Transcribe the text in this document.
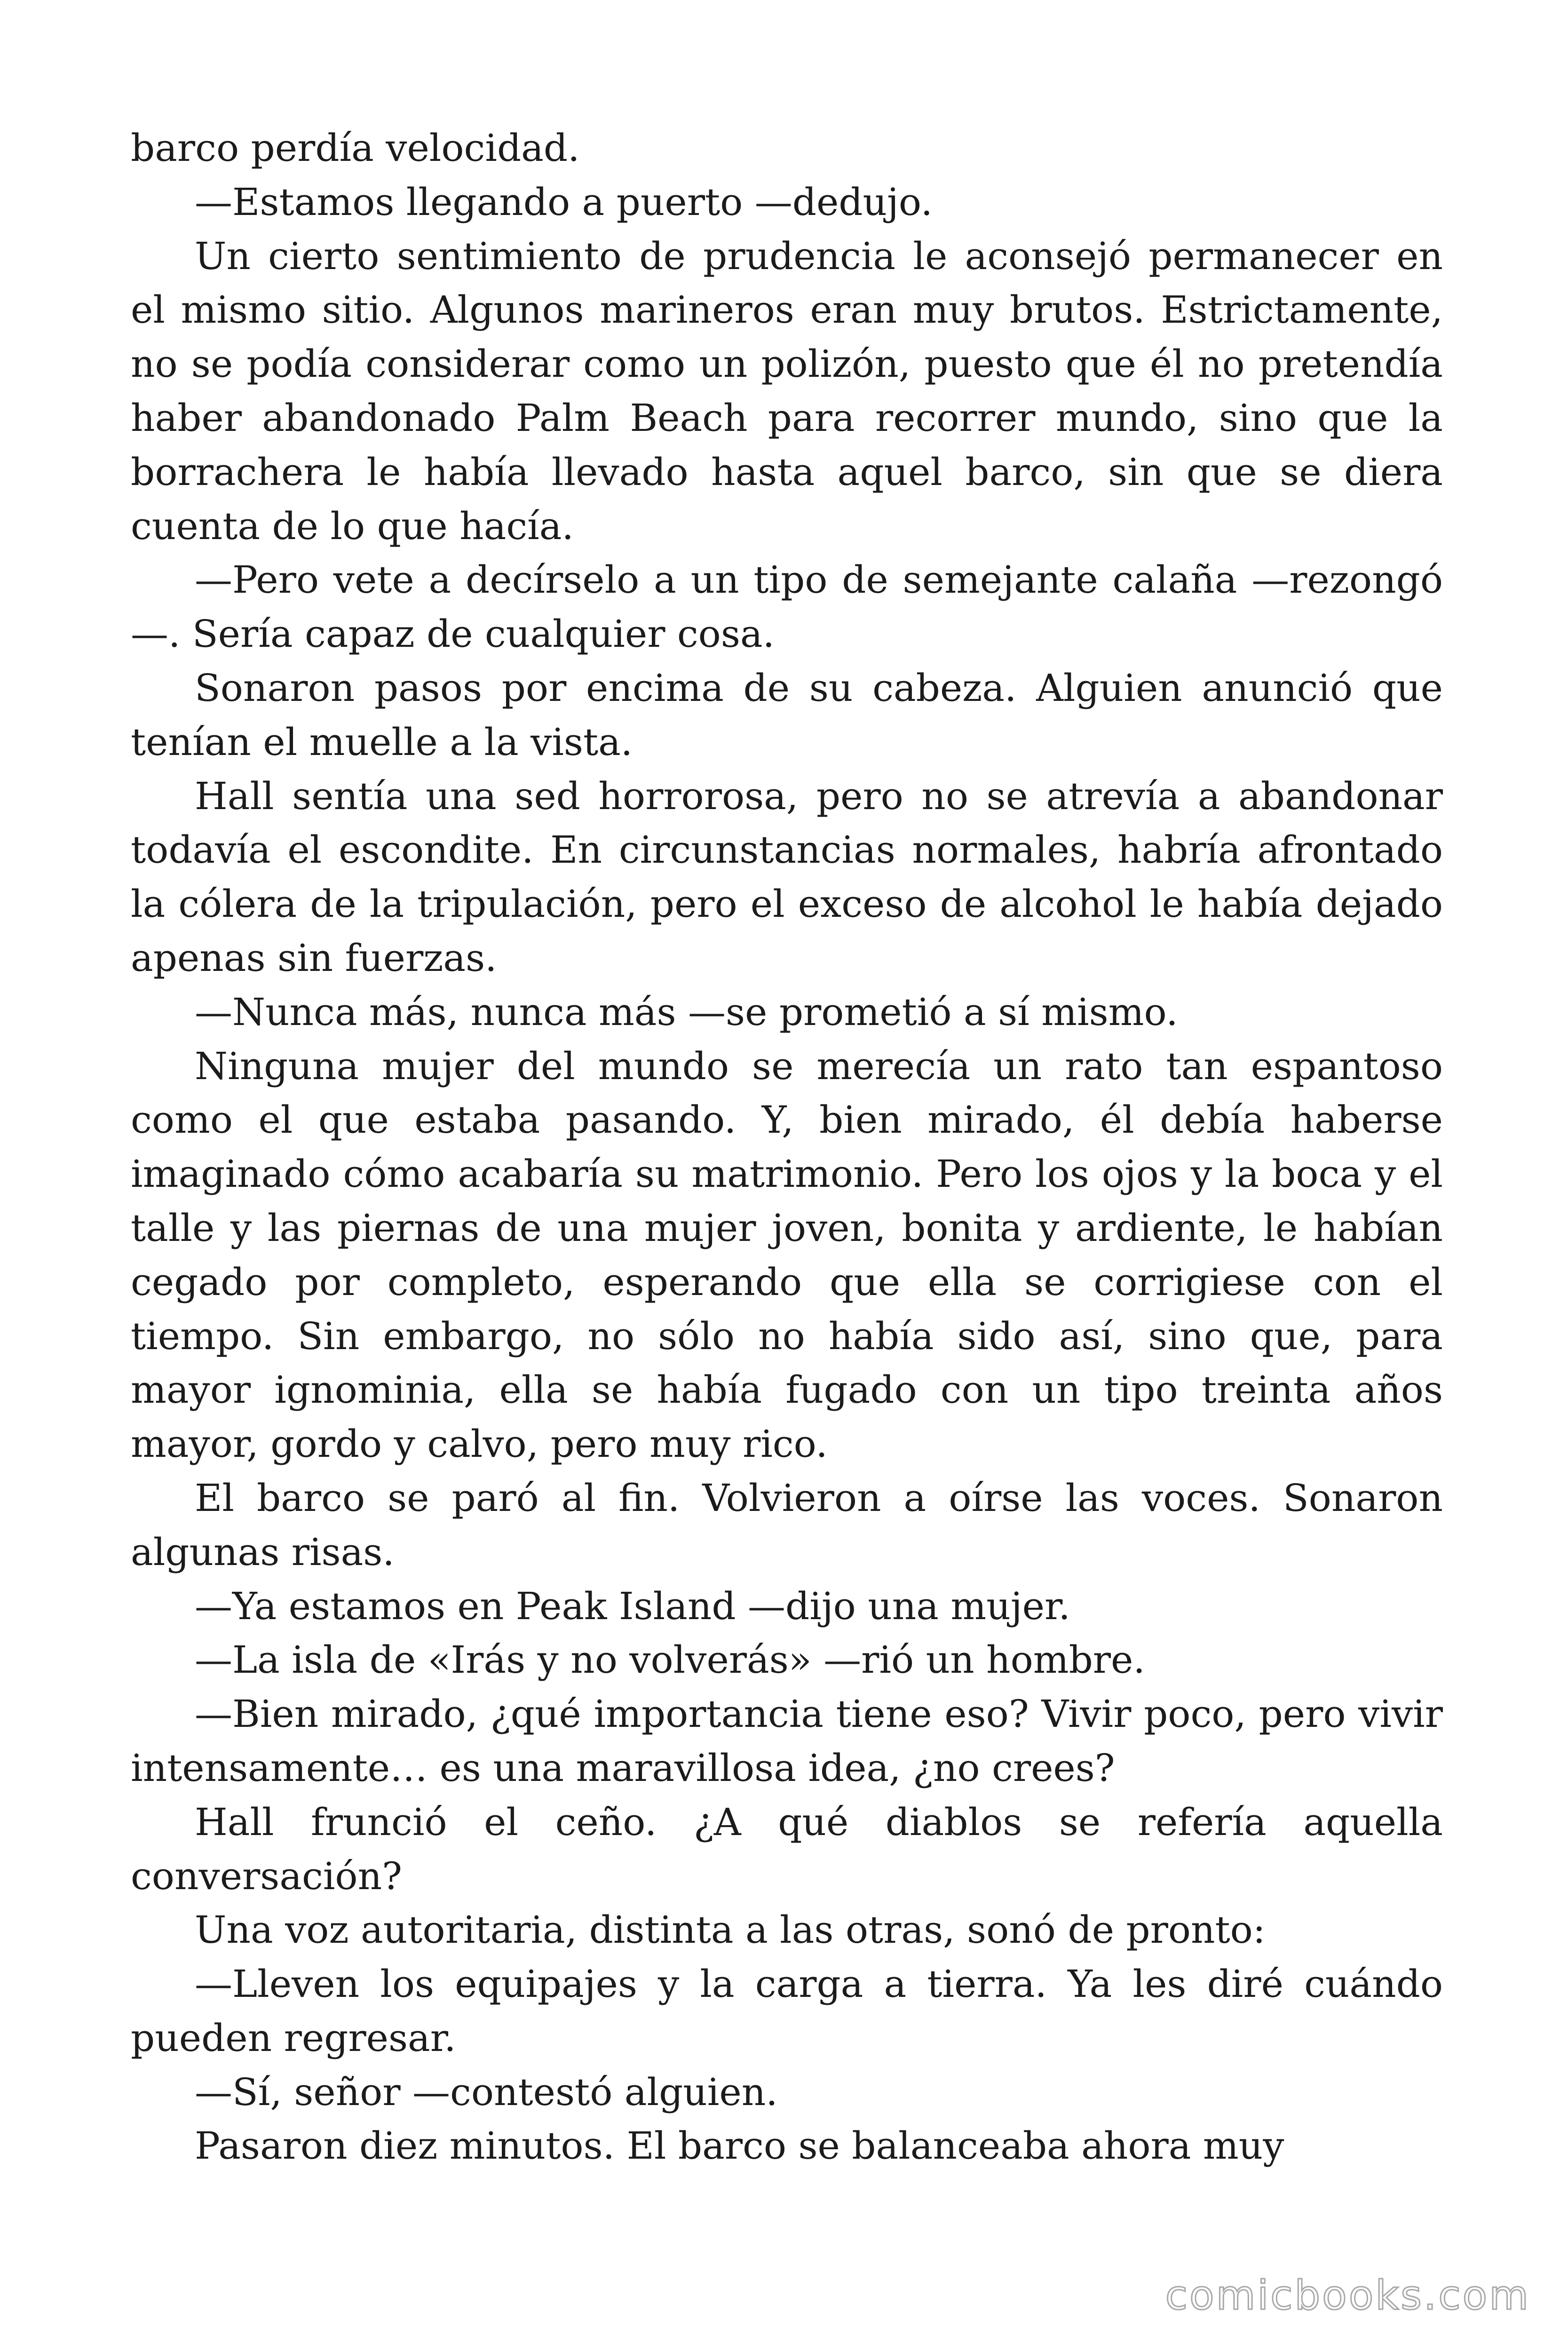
barco perdía velocidad.

—Estamos llegando a puerto —dedujo.

Un cierto sentimiento de prudencia le aconsejó permanecer en el mismo sitio. Algunos marineros eran muy brutos. Estrictamente, no se podía considerar como un polizón, puesto que él no pretendía haber abandonado Palm Beach para recorrer mundo, sino que la borrachera le había llevado hasta aquel barco, sin que se diera cuenta de lo que hacía.

—Pero vete a decírselo a un tipo de semejante calaña —rezongó —. Sería capaz de cualquier cosa.

Sonaron pasos por encima de su cabeza. Alguien anunció que tenían el muelle a la vista.

Hall sentía una sed horrorosa, pero no se atrevía a abandonar todavía el escondite. En circunstancias normales, habría afrontado la cólera de la tripulación, pero el exceso de alcohol le había dejado apenas sin fuerzas.

—Nunca más, nunca más —se prometió a sí mismo.

Ninguna mujer del mundo se merecía un rato tan espantoso como el que estaba pasando. Y, bien mirado, él debía haberse imaginado cómo acabaría su matrimonio. Pero los ojos y la boca y el talle y las piernas de una mujer joven, bonita y ardiente, le habían cegado por completo, esperando que ella se corrigiese con el tiempo. Sin embargo, no sólo no había sido así, sino que, para mayor ignominia, ella se había fugado con un tipo treinta años mayor, gordo y calvo, pero muy rico.

El barco se paró al fin. Volvieron a oírse las voces. Sonaron algunas risas.

—Ya estamos en Peak Island —dijo una mujer.

—La isla de «Irás y no volverás» —rió un hombre.

—Bien mirado, ¿qué importancia tiene eso? Vivir poco, pero vivir intensamente… es una maravillosa idea, ¿no crees?

Hall frunció el ceño. ¿A qué diablos se refería aquella conversación?

Una voz autoritaria, distinta a las otras, sonó de pronto:

—Lleven los equipajes y la carga a tierra. Ya les diré cuándo pueden regresar.

—Sí, señor —contestó alguien.

Pasaron diez minutos. El barco se balanceaba ahora muy

comicbooks.com
